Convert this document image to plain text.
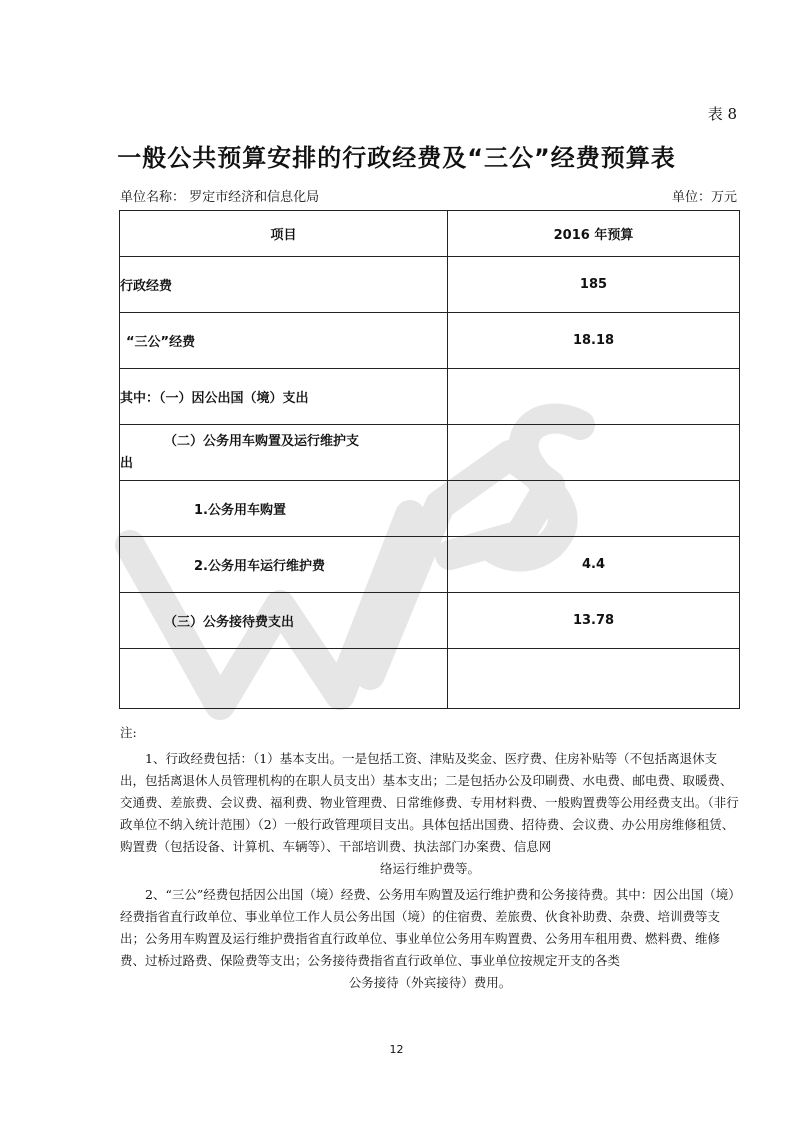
表 8
一般公共预算安排的行政经费及“三公”经费预算表
单位名称： 罗定市经济和信息化局	单位：万元
项目	2016 年预算
行政经费	185
“三公”经费	18.18
其中：（一）因公出国（境）支出	

（二）公务用车购置及运行维护支
出	

1.公务用车购置	
2.公务用车运行维护费	4.4
（三）公务接待费支出	13.78

注:

1、行政经费包括：（1）基本支出。一是包括工资、津贴及奖金、医疗费、住房补贴等（不包括离退休支出，包括离退休人员管理机构的在职人员支出）基本支出；二是包括办公及印刷费、水电费、邮电费、取暖费、交通费、差旅费、会议费、福利费、物业管理费、日常维修费、专用材料费、一般购置费等公用经费支出。（非行政单位不纳入统计范围）（2）一般行政管理项目支出。具体包括出国费、招待费、会议费、办公用房维修租赁、购置费（包括设备、计算机、车辆等）、干部培训费、执法部门办案费、信息网

络运行维护费等。

2、“三公”经费包括因公出国（境）经费、公务用车购置及运行维护费和公务接待费。其中：因公出国（境）经费指省直行政单位、事业单位工作人员公务出国（境）的住宿费、差旅费、伙食补助费、杂费、培训费等支出；公务用车购置及运行维护费指省直行政单位、事业单位公务用车购置费、公务用车租用费、燃料费、维修费、过桥过路费、保险费等支出；公务接待费指省直行政单位、事业单位按规定开支的各类

公务接待（外宾接待）费用。

12
